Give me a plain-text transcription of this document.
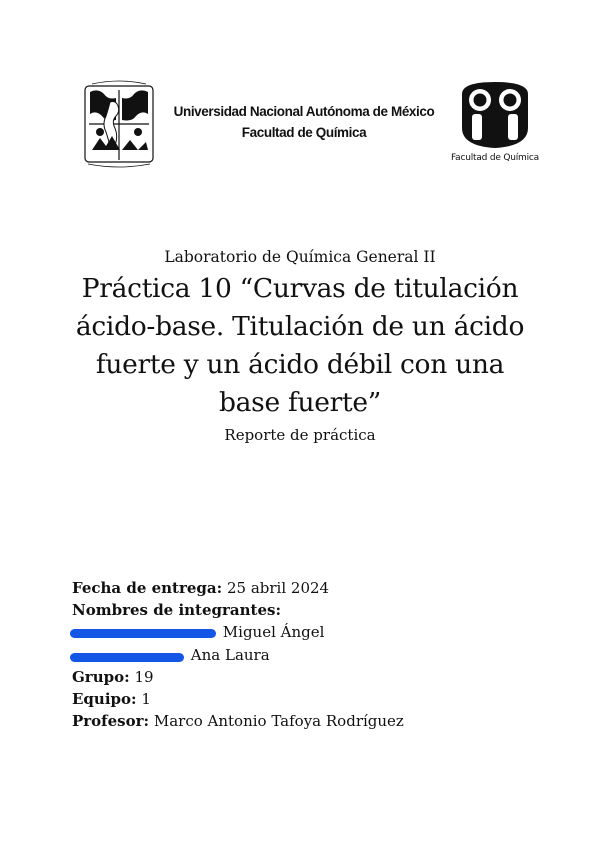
Universidad Nacional Autónoma de México
Facultad de Química
Facultad de Química
Laboratorio de Química General II
Práctica 10 “Curvas de titulación ácido-base. Titulación de un ácido fuerte y un ácido débil con una base fuerte”
Reporte de práctica
Fecha de entrega: 25 abril 2024
Nombres de integrantes:

Miguel Ángel

Ana Laura
Grupo: 19
Equipo: 1
Profesor: Marco Antonio Tafoya Rodríguez
